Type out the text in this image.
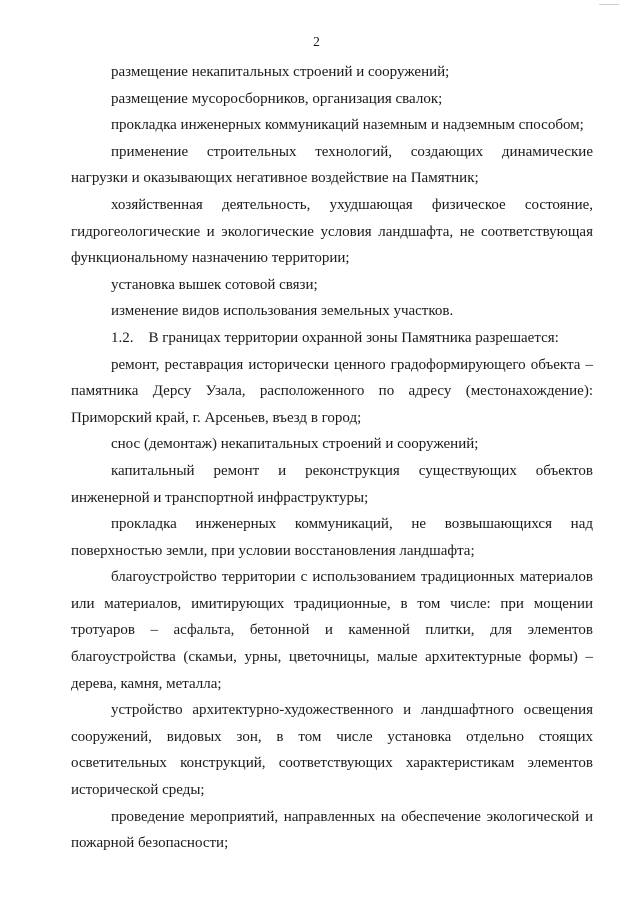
2

размещение некапитальных строений и сооружений;

размещение мусоросборников, организация свалок;

прокладка инженерных коммуникаций наземным и надземным способом;

применение строительных технологий, создающих динамические нагрузки и оказывающих негативное воздействие на Памятник;

хозяйственная деятельность, ухудшающая физическое состояние, гидрогеологические и экологические условия ландшафта, не соответствующая функциональному назначению территории;

установка вышек сотовой связи;

изменение видов использования земельных участков.

1.2.    В границах территории охранной зоны Памятника разрешается:

ремонт, реставрация исторически ценного градоформирующего объекта – памятника Дерсу Узала, расположенного по адресу (местонахождение): Приморский край, г. Арсеньев, въезд в город;

снос (демонтаж) некапитальных строений и сооружений;

капитальный ремонт и реконструкция существующих объектов инженерной и транспортной инфраструктуры;

прокладка инженерных коммуникаций, не возвышающихся над поверхностью земли, при условии восстановления ландшафта;

благоустройство территории с использованием традиционных материалов или материалов, имитирующих традиционные, в том числе: при мощении тротуаров – асфальта, бетонной и каменной плитки, для элементов благоустройства (скамьи, урны, цветочницы, малые архитектурные формы) – дерева, камня, металла;

устройство архитектурно-художественного и ландшафтного освещения сооружений, видовых зон, в том числе установка отдельно стоящих осветительных конструкций, соответствующих характеристикам элементов исторической среды;

проведение мероприятий, направленных на обеспечение экологической и пожарной безопасности;
